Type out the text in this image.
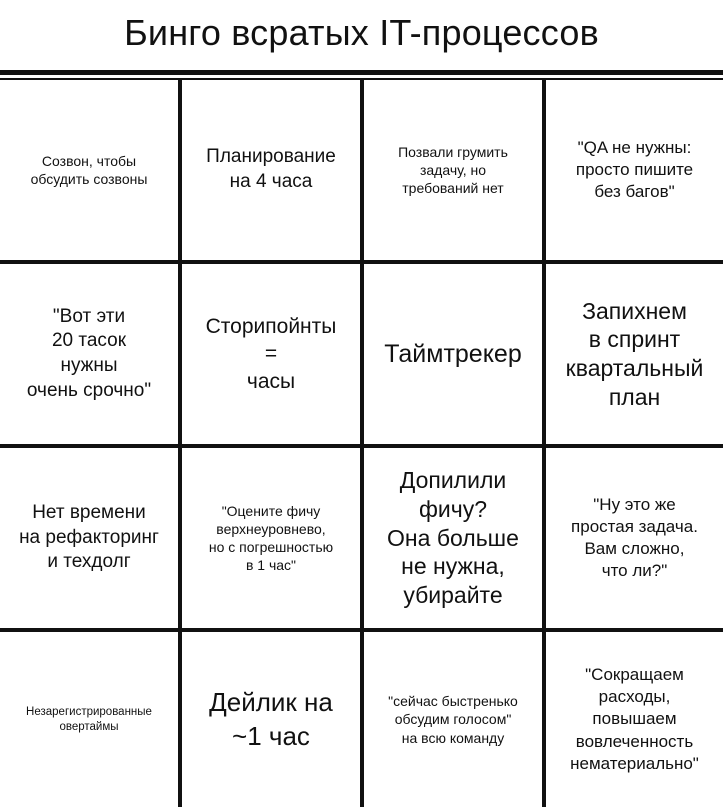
Бинго всратых IT-процессов
Созвон, чтобы
обсудить созвоны
Планирование
на 4 часа
Позвали грумить
задачу, но
требований нет
"QA не нужны:
просто пишите
без багов"
"Вот эти
20 тасок
нужны
очень срочно"
Сторипойнты
=
часы
Таймтрекер
Запихнем
в спринт
квартальный
план
Нет времени
на рефакторинг
и техдолг
"Оцените фичу
верхнеуровнево,
но с погрешностью
в 1 час"
Допилили
фичу?
Она больше
не нужна,
убирайте
"Ну это же
простая задача.
Вам сложно,
что ли?"
Незарегистрированные
овертаймы
Дейлик на
~1 час
"сейчас быстренько
обсудим голосом"
на всю команду
"Сокращаем
расходы,
повышаем
вовлеченность
нематериально"
